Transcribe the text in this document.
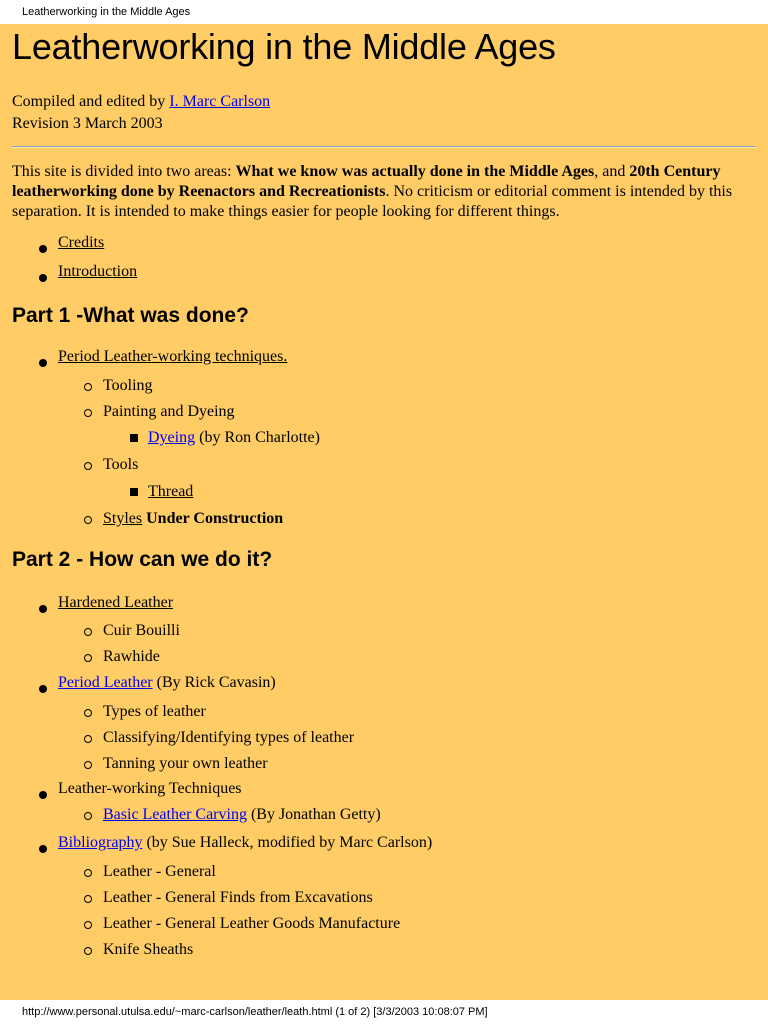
Leatherworking in the Middle Ages
Leatherworking in the Middle Ages
Compiled and edited by I. Marc Carlson
Revision 3 March 2003
This site is divided into two areas: What we know was actually done in the Middle Ages, and 20th Century leatherworking done by Reenactors and Recreationists. No criticism or editorial comment is intended by this separation. It is intended to make things easier for people looking for different things.
Credits
Introduction
Part 1 -What was done?
Period Leather-working techniques.
Tooling
Painting and Dyeing
Dyeing (by Ron Charlotte)
Tools
Thread
Styles Under Construction
Part 2 - How can we do it?
Hardened Leather
Cuir Bouilli
Rawhide
Period Leather (By Rick Cavasin)
Types of leather
Classifying/Identifying types of leather
Tanning your own leather
Leather-working Techniques
Basic Leather Carving (By Jonathan Getty)
Bibliography (by Sue Halleck, modified by Marc Carlson)
Leather - General
Leather - General Finds from Excavations
Leather - General Leather Goods Manufacture
Knife Sheaths
http://www.personal.utulsa.edu/~marc-carlson/leather/leath.html (1 of 2) [3/3/2003 10:08:07 PM]
